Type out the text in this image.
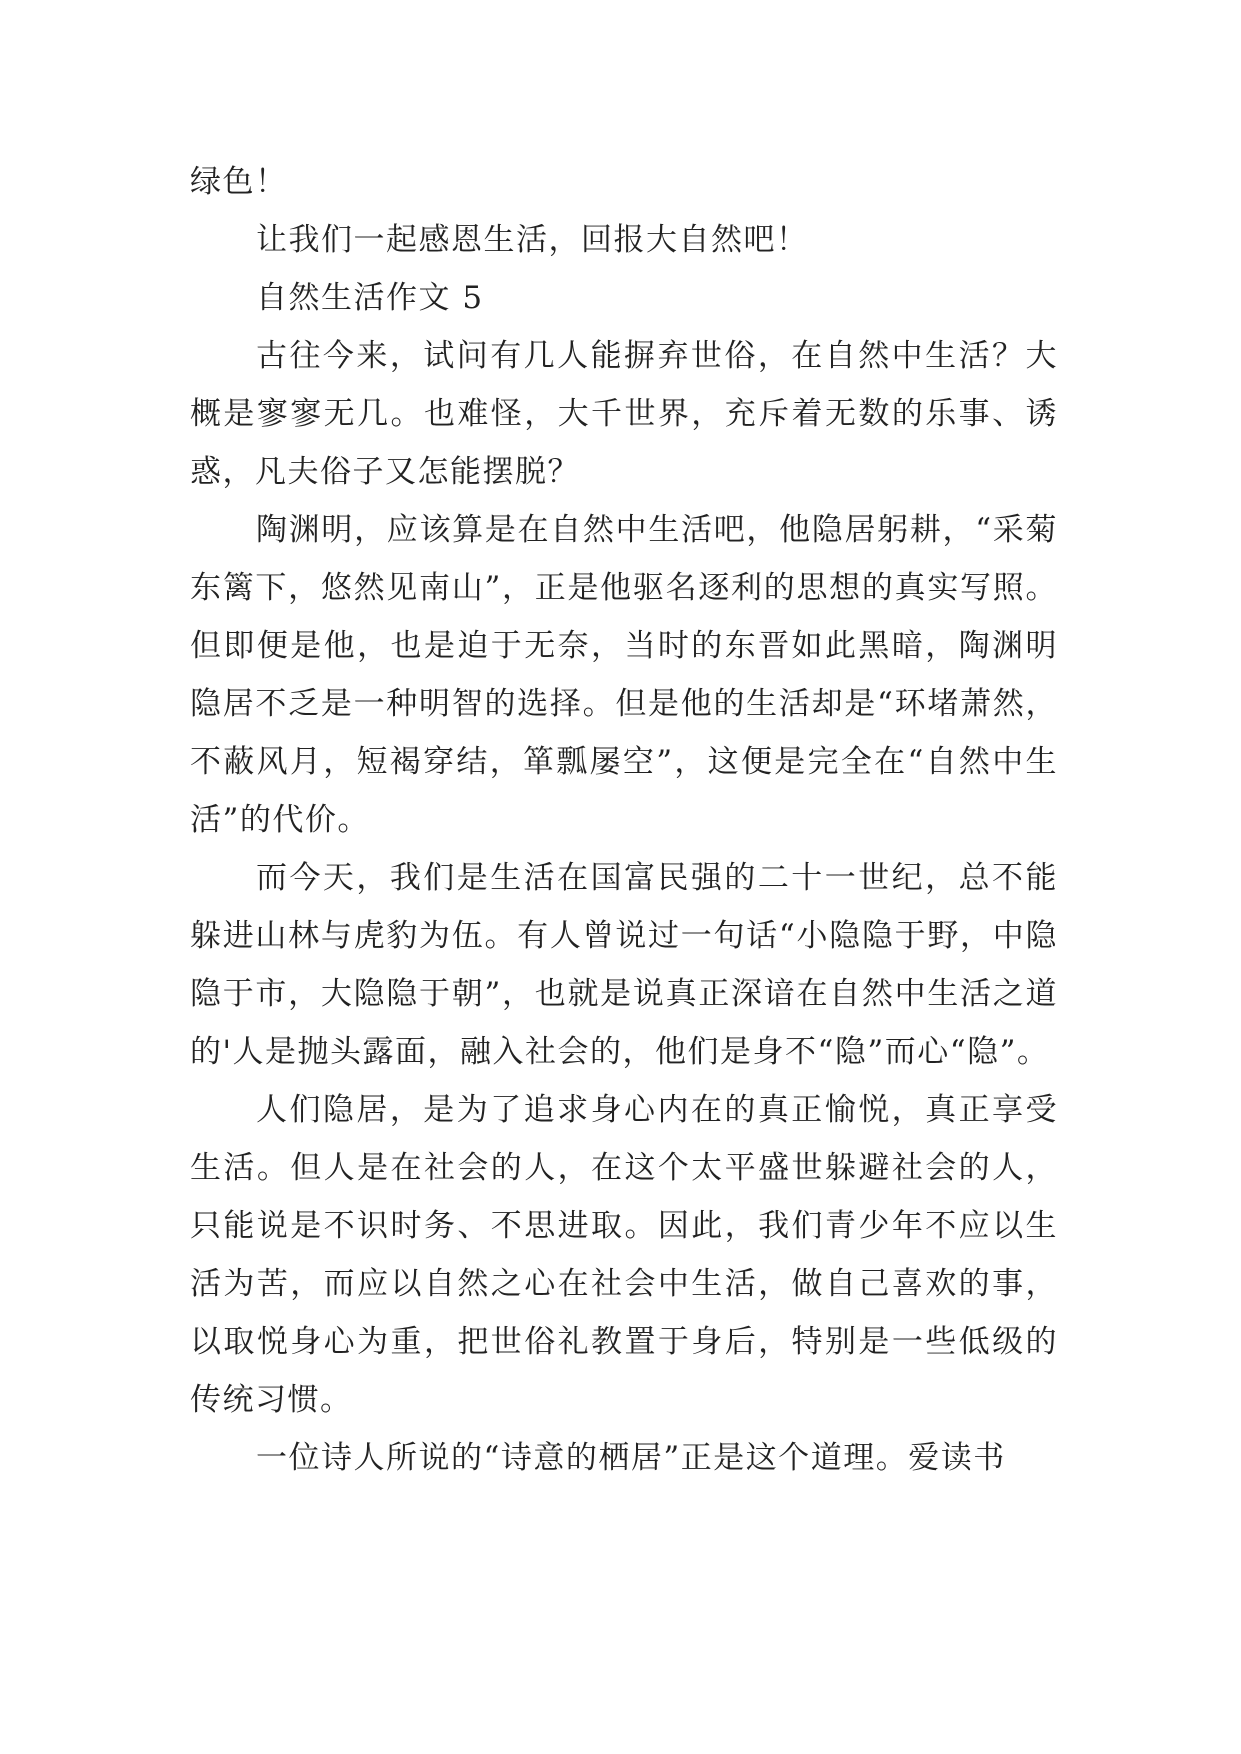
绿色！

让我们一起感恩生活，回报大自然吧！

自然生活作文 5

古往今来，试问有几人能摒弃世俗，在自然中生活？大概是寥寥无几。也难怪，大千世界，充斥着无数的乐事、诱惑，凡夫俗子又怎能摆脱？

陶渊明，应该算是在自然中生活吧，他隐居躬耕，“采菊东篱下，悠然见南山”，正是他驱名逐利的思想的真实写照。但即便是他，也是迫于无奈，当时的东晋如此黑暗，陶渊明隐居不乏是一种明智的选择。但是他的生活却是“环堵萧然，不蔽风月，短褐穿结，箪瓢屡空”，这便是完全在“自然中生活”的代价。

而今天，我们是生活在国富民强的二十一世纪，总不能躲进山林与虎豹为伍。有人曾说过一句话“小隐隐于野，中隐隐于市，大隐隐于朝”，也就是说真正深谙在自然中生活之道的'人是抛头露面，融入社会的，他们是身不“隐”而心“隐”。

人们隐居，是为了追求身心内在的真正愉悦，真正享受生活。但人是在社会的人，在这个太平盛世躲避社会的人，只能说是不识时务、不思进取。因此，我们青少年不应以生活为苦，而应以自然之心在社会中生活，做自己喜欢的事，以取悦身心为重，把世俗礼教置于身后，特别是一些低级的传统习惯。

一位诗人所说的“诗意的栖居”正是这个道理。爱读书
